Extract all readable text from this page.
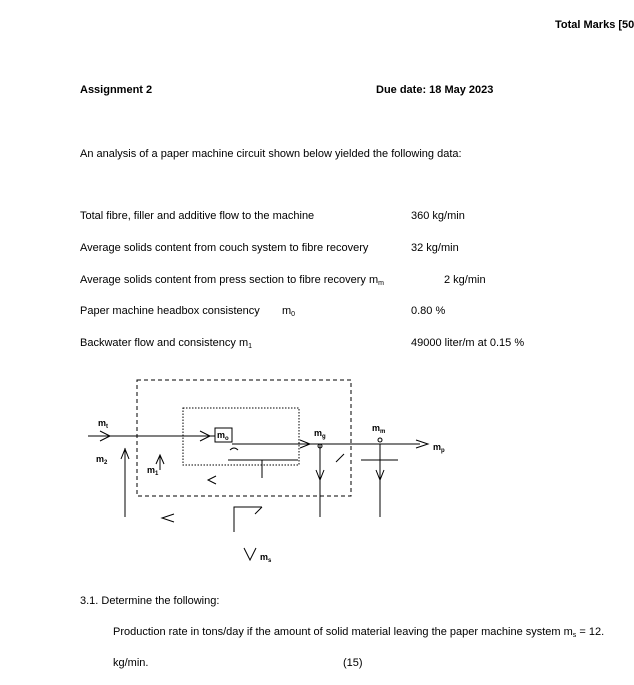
Total Marks [50
Assignment 2	Due date: 18 May 2023
An analysis of a paper machine circuit shown below yielded the following data:
Total fibre, filler and additive flow to the machine	360 kg/min
Average solids content from couch system to fibre recovery	32 kg/min
Average solids content from press section to fibre recovery $m_m$	2 kg/min
Paper machine headbox consistency $m_0$	0.80 %
Backwater flow and consistency $m_1$	49000 liter/m at 0.15 %
$m_t$
$m_2$
$m_1$
$m_o$
$m_g$
$m_m$
$m_p$
$m_s$
3.1. Determine the following:
Production rate in tons/day if the amount of solid material leaving the paper machine system $m_s = 12$.
kg/min.	(15)
